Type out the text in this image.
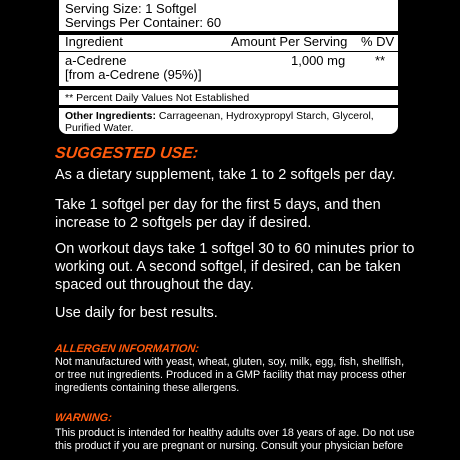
Serving Size: 1 Softgel
Servings Per Container: 60
Ingredient	Amount Per Serving % DV
a-Cedrene
[from a-Cedrene (95%)]
1,000 mg **
** Percent Daily Values Not Established
Other Ingredients: Carrageenan, Hydroxypropyl Starch, Glycerol,
Purified Water.
SUGGESTED USE:
As a dietary supplement, take 1 to 2 softgels per day.
Take 1 softgel per day for the first 5 days, and then
increase to 2 softgels per day if desired.
On workout days take 1 softgel 30 to 60 minutes prior to
working out. A second softgel, if desired, can be taken
spaced out throughout the day.
Use daily for best results.
ALLERGEN INFORMATION:
Not manufactured with yeast, wheat, gluten, soy, milk, egg, fish, shellfish,
or tree nut ingredients. Produced in a GMP facility that may process other
ingredients containing these allergens.
WARNING:
This product is intended for healthy adults over 18 years of age. Do not use
this product if you are pregnant or nursing. Consult your physician before
